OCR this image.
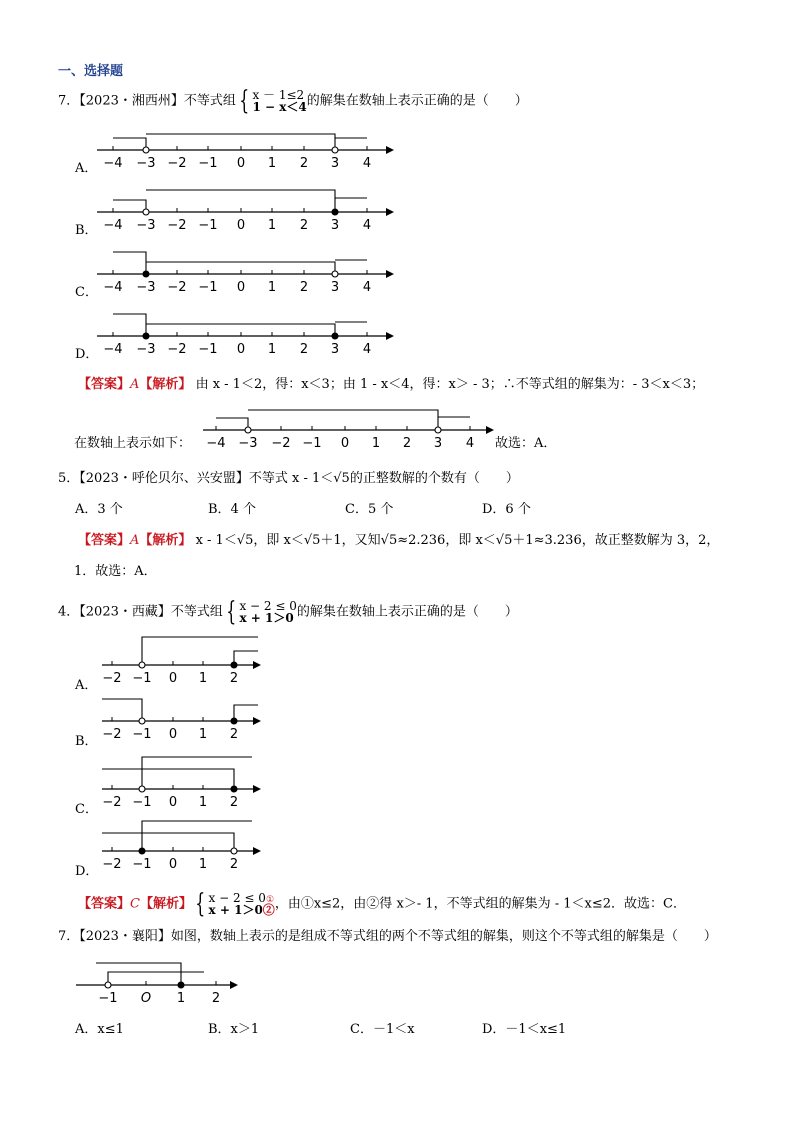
一、选择题
7．【2023・湘西州】不等式组 { x － 1≤2
1 − x＜4 的解集在数轴上表示正确的是（　　）
A．
B．
C．
D．
−4 −3 −2 −1 0 1 2 3 4
−4 −3 −2 −1 0 1 2 3 4
−4 −3 −2 −1 0 1 2 3 4
−4 −3 −2 −1 0 1 2 3 4
−4 −3 −2 −1 0 1 2 3 4
【答案】A【解析】 由 x - 1＜2，得：x＜3；由 1 - x＜4，得：x＞ - 3；∴不等式组的解集为：- 3＜x＜3；
在数轴上表示如下：	故选：A．
5．【2023・呼伦贝尔、兴安盟】不等式 x - 1＜√5的正整数解的个数有（　　）
A．3 个	B．4 个	C．5 个	D．6 个
【答案】A【解析】 x - 1＜√5，即 x＜√5＋1，又知√5≈2.236，即 x＜√5＋1≈3.236，故正整数解为 3，2，
1．故选：A．
4．【2023・西藏】不等式组 { x − 2 ≤ 0
x + 1＞0 的解集在数轴上表示正确的是（　　）
A．
B．
C．
D．
−2 −1 0 1 2
−2 −1 0 1 2
−2 −1 0 1 2
−2 −1 0 1 2
【答案】C【解析】 { x − 2 ≤ 0①
x + 1＞0② ，由①x≤2，由②得 x＞- 1，不等式组的解集为 - 1＜x≤2．故选：C．
7．【2023・襄阳】如图，数轴上表示的是组成不等式组的两个不等式组的解集，则这个不等式组的解集是（　　）
−1 O 1 2
A．x≤1	B．x＞1	C．－1＜x	D．－1＜x≤1
